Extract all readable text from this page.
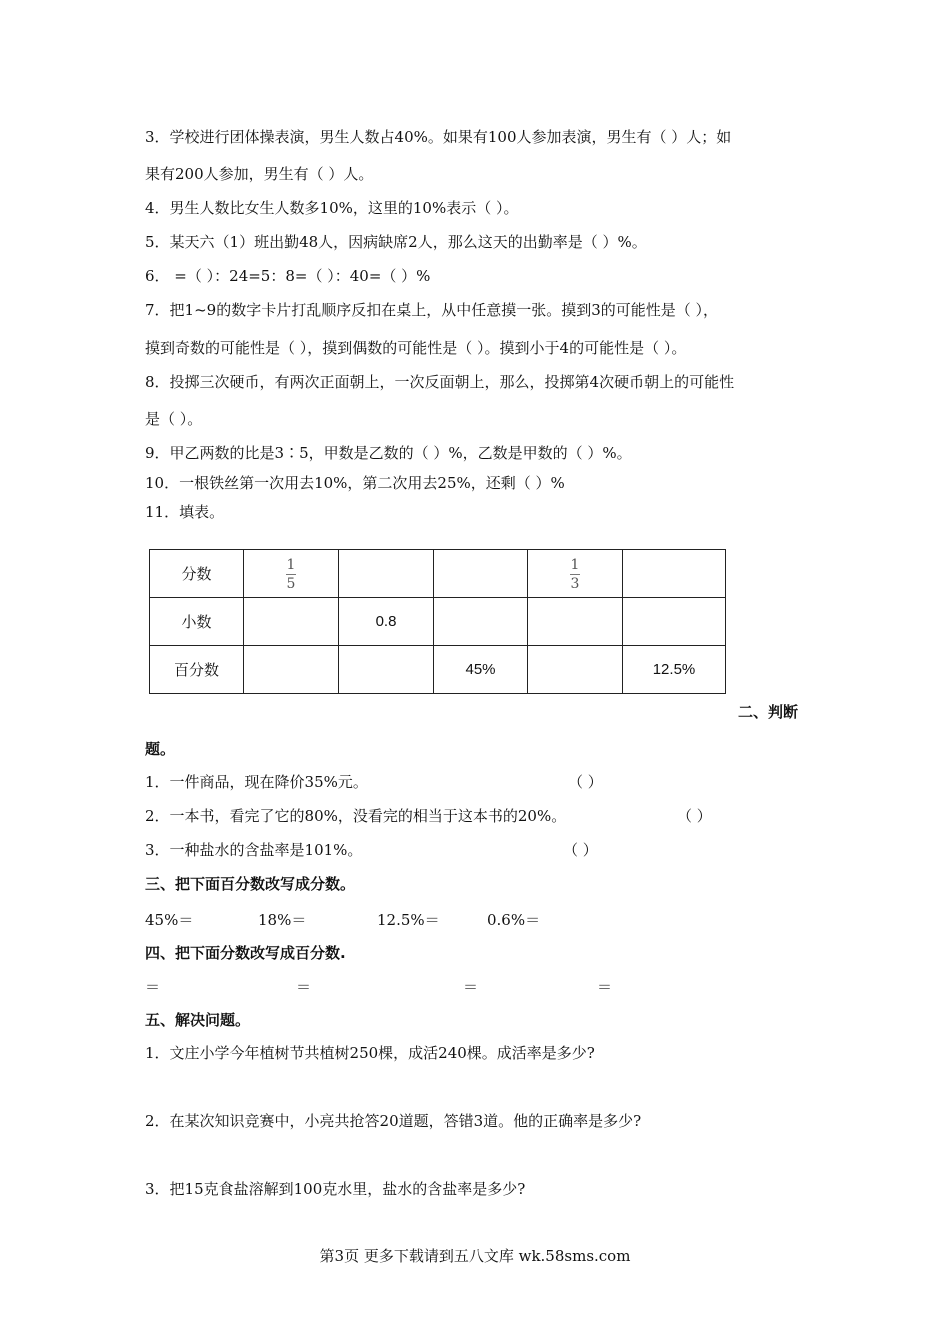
3．学校进行团体操表演，男生人数占40%。如果有100人参加表演，男生有（ ）人；如
果有200人参加，男生有（ ）人。
4．男生人数比女生人数多10%，这里的10%表示（ ）。
5．某天六（1）班出勤48人，因病缺席2人，那么这天的出勤率是（ ）%。
6． =（ ）：24=5：8=（ ）：40=（ ）%
7．把1~9的数字卡片打乱顺序反扣在桌上，从中任意摸一张。摸到3的可能性是（ ），
摸到奇数的可能性是（ ），摸到偶数的可能性是（ ）。摸到小于4的可能性是（ ）。
8．投掷三次硬币，有两次正面朝上，一次反面朝上，那么，投掷第4次硬币朝上的可能性
是（ ）。
9．甲乙两数的比是3∶5，甲数是乙数的（ ）%，乙数是甲数的（ ）%。
10．一根铁丝第一次用去10%，第二次用去25%，还剩（ ）%
11．填表。
分数	$\frac{1}{5}$			$\frac{1}{3}$

小数		0.8			
百分数			45%		12.5%
二、判断
题。
1．一件商品，现在降价35%元。	（ ）
2．一本书，看完了它的80%，没看完的相当于这本书的20%。	（ ）
3．一种盐水的含盐率是101%。	（ ）
三、把下面百分数改写成分数。
45%＝	18%＝	12.5%＝	0.6%＝
四、把下面分数改写成百分数.
＝	＝	＝	＝
五、解决问题。
1．文庄小学今年植树节共植树250棵，成活240棵。成活率是多少?
2．在某次知识竞赛中，小亮共抢答20道题，答错3道。他的正确率是多少?
3．把15克食盐溶解到100克水里，盐水的含盐率是多少?
第3页 更多下载请到五八文库 wk.58sms.com
